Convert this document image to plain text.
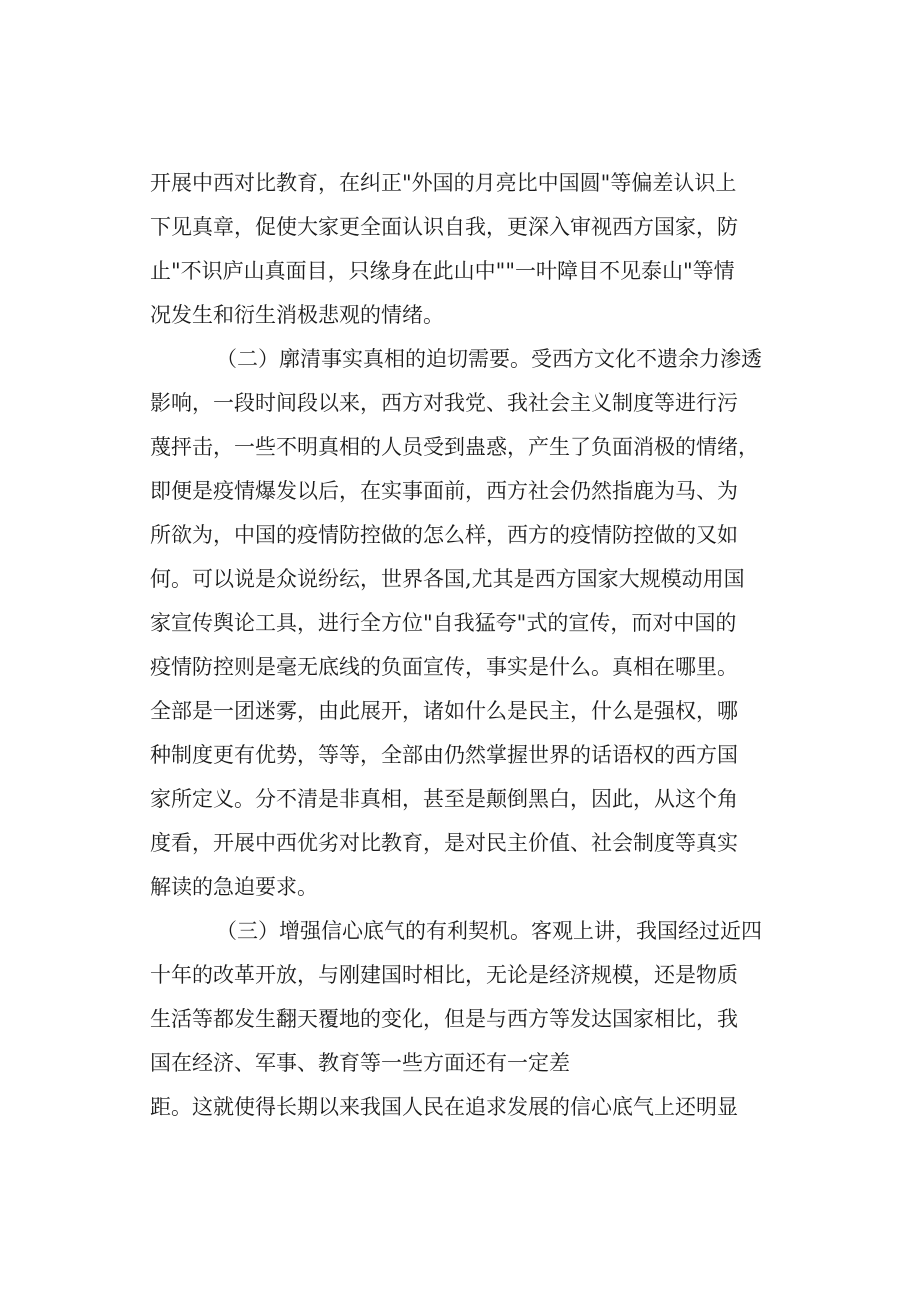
开展中西对比教育，在纠正"外国的月亮比中国圆"等偏差认识上
下见真章，促使大家更全面认识自我，更深入审视西方国家，防
止"不识庐山真面目，只缘身在此山中""一叶障目不见泰山"等情
况发生和衍生消极悲观的情绪。
（二）廓清事实真相的迫切需要。受西方文化不遗余力渗透
影响，一段时间段以来，西方对我党、我社会主义制度等进行污
蔑抨击，一些不明真相的人员受到蛊惑，产生了负面消极的情绪，
即便是疫情爆发以后，在实事面前，西方社会仍然指鹿为马、为
所欲为，中国的疫情防控做的怎么样，西方的疫情防控做的又如
何。可以说是众说纷纭，世界各国,尤其是西方国家大规模动用国
家宣传舆论工具，进行全方位"自我猛夸"式的宣传，而对中国的
疫情防控则是毫无底线的负面宣传，事实是什么。真相在哪里。
全部是一团迷雾，由此展开，诸如什么是民主，什么是强权，哪
种制度更有优势，等等，全部由仍然掌握世界的话语权的西方国
家所定义。分不清是非真相，甚至是颠倒黑白，因此，从这个角
度看，开展中西优劣对比教育，是对民主价值、社会制度等真实
解读的急迫要求。
（三）增强信心底气的有利契机。客观上讲，我国经过近四
十年的改革开放，与刚建国时相比，无论是经济规模，还是物质
生活等都发生翻天覆地的变化，但是与西方等发达国家相比，我
国在经济、军事、教育等一些方面还有一定差
距。这就使得长期以来我国人民在追求发展的信心底气上还明显
